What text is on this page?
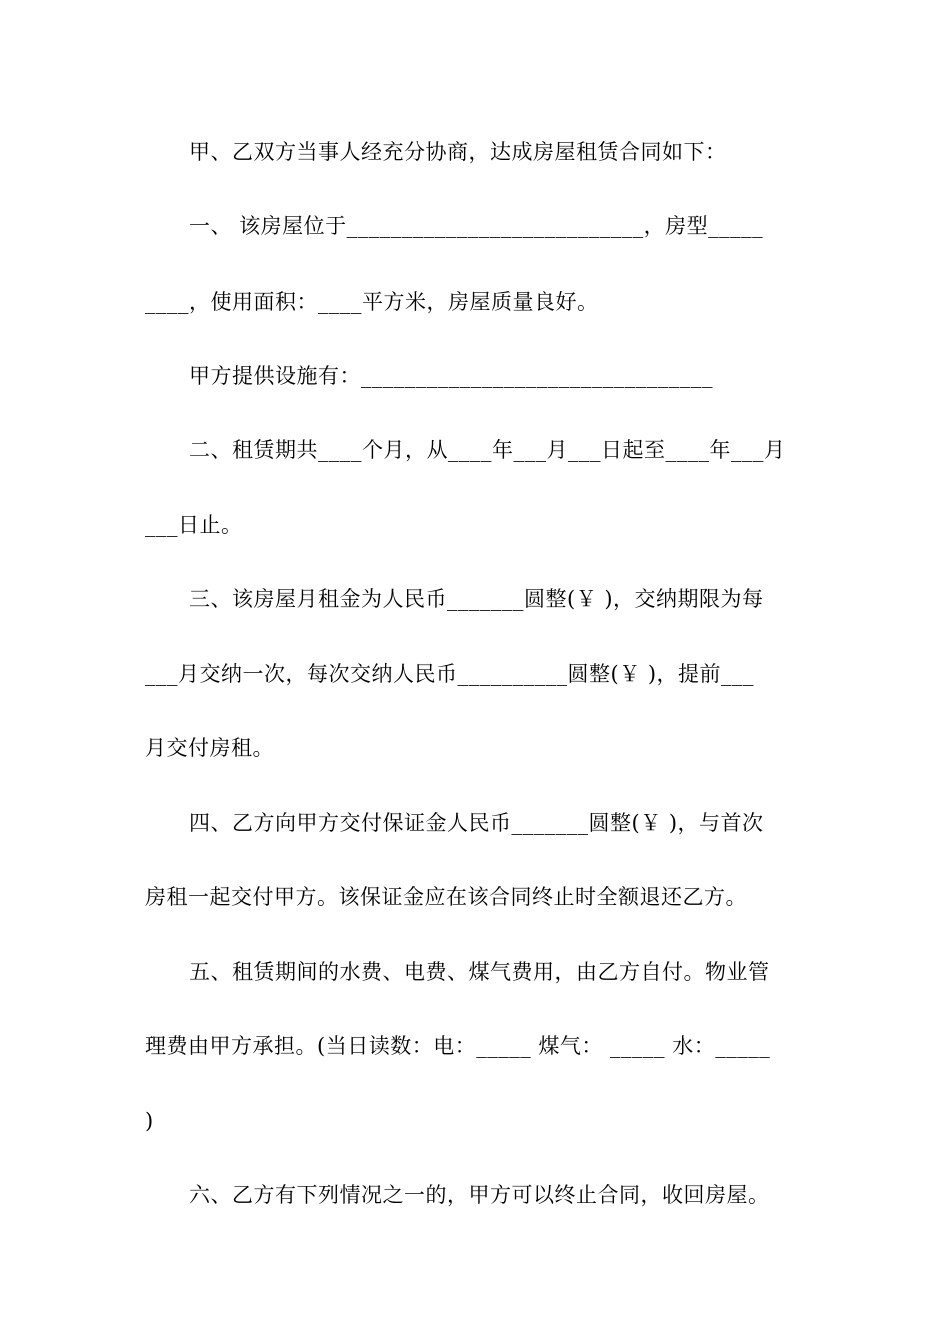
甲、乙双方当事人经充分协商，达成房屋租赁合同如下：
一、 该房屋位于___________________________，房型_____
____，使用面积：____平方米，房屋质量良好。
甲方提供设施有：________________________________
二、租赁期共____个月，从____年___月___日起至____年___月
___日止。
三、该房屋月租金为人民币_______圆整(￥ )，交纳期限为每
___月交纳一次，每次交纳人民币__________圆整(￥ )，提前___
月交付房租。
四、乙方向甲方交付保证金人民币_______圆整(￥ )，与首次
房租一起交付甲方。该保证金应在该合同终止时全额退还乙方。
五、租赁期间的水费、电费、煤气费用，由乙方自付。物业管
理费由甲方承担。(当日读数：电：_____ 煤气： _____ 水：_____
)
六、乙方有下列情况之一的，甲方可以终止合同，收回房屋。
